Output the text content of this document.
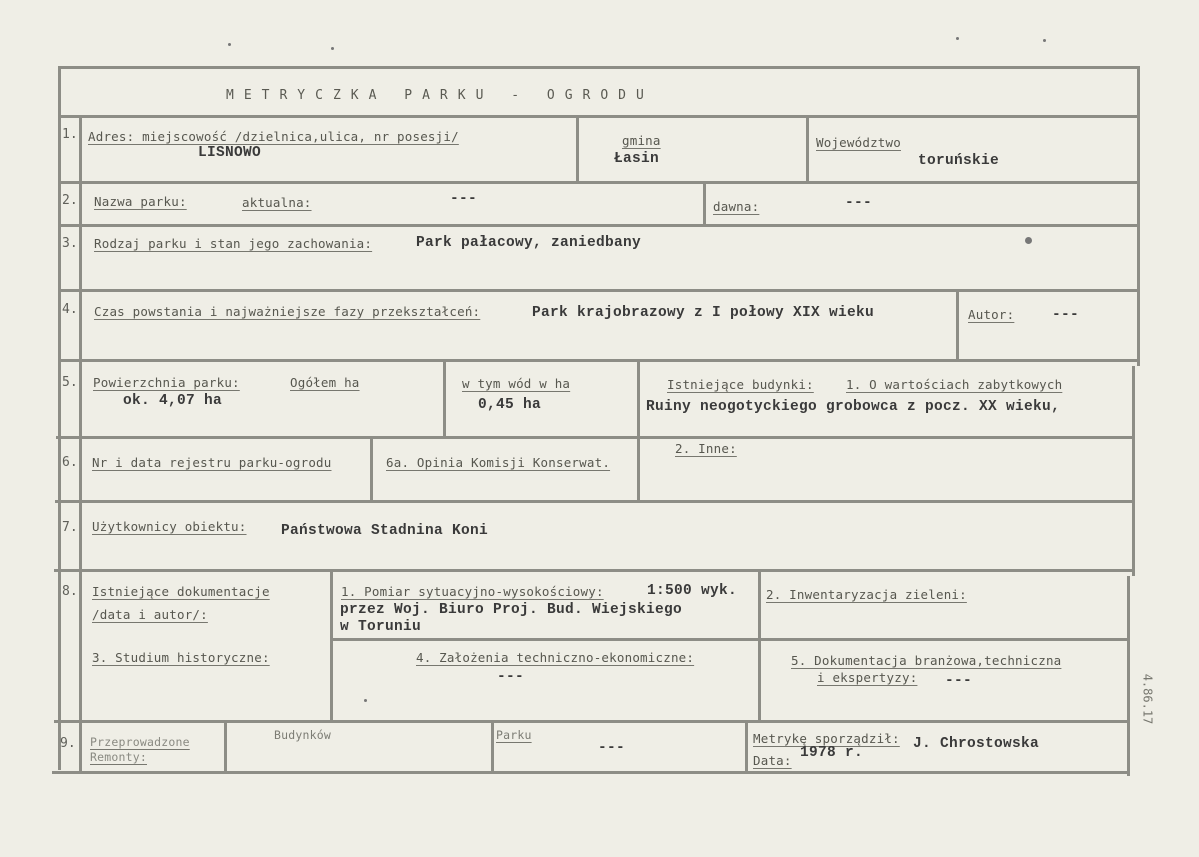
METRYCZKA PARKU - OGRODU
1. Adres: miejscowość /dzielnica,ulica, nr posesji/
LISNOWO
gmina
Łasin
Województwo
toruńskie
2. Nazwa parku:	aktualna:	---	dawna:	---
3. Rodzaj parku i stan jego zachowania:	Park pałacowy, zaniedbany
4. Czas powstania i najważniejsze fazy przekształceń:	Park krajobrazowy z I połowy XIX wieku	Autor:	---
5. Powierzchnia parku:	Ogółem ha
ok. 4,07 ha
w tym wód w ha
0,45 ha
Istniejące budynki:	1. O wartościach zabytkowych
Ruiny neogotyckiego grobowca z pocz. XX wieku,
6. Nr i data rejestru parku-ogrodu	6a. Opinia Komisji Konserwat.
2. Inne:
7. Użytkownicy obiektu: Państwowa Stadnina Koni
8. Istniejące dokumentacje
/data i autor/:
1. Pomiar sytuacyjno-wysokościowy:	1:500 wyk.
przez Woj. Biuro Proj. Bud. Wiejskiego
w Toruniu
2. Inwentaryzacja zieleni:
3. Studium historyczne:	4. Założenia techniczno-ekonomiczne:
---
5. Dokumentacja branżowa,techniczna
i ekspertyzy: ---
9. Przeprowadzone
Remonty:
Budynków	Parku
---
Metrykę sporządził: J. Chrostowska
Data: 1978 r.
4.86.17
